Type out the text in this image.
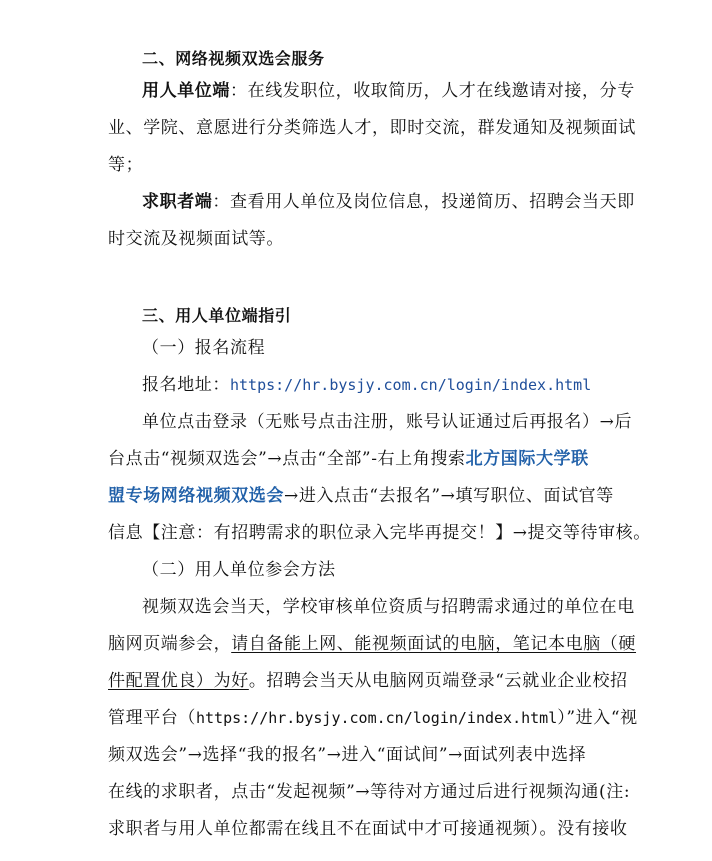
二、网络视频双选会服务
用人单位端：在线发职位，收取简历，人才在线邀请对接，分专
业、学院、意愿进行分类筛选人才，即时交流，群发通知及视频面试
等；
求职者端：查看用人单位及岗位信息，投递简历、招聘会当天即
时交流及视频面试等。
三、用人单位端指引
（一）报名流程
报名地址：https://hr.bysjy.com.cn/login/index.html
单位点击登录（无账号点击注册，账号认证通过后再报名）→后
台点击“视频双选会”→点击“全部”-右上角搜索北方国际大学联
盟专场网络视频双选会→进入点击“去报名”→填写职位、面试官等
信息【注意：有招聘需求的职位录入完毕再提交！】→提交等待审核。
（二）用人单位参会方法
视频双选会当天，学校审核单位资质与招聘需求通过的单位在电
脑网页端参会，请自备能上网、能视频面试的电脑，笔记本电脑（硬
件配置优良）为好。招聘会当天从电脑网页端登录“云就业企业校招
管理平台（https://hr.bysjy.com.cn/login/index.html）”进入“视
频双选会”→选择“我的报名”→进入“面试间”→面试列表中选择
在线的求职者，点击“发起视频”→等待对方通过后进行视频沟通(注:
求职者与用人单位都需在线且不在面试中才可接通视频）。没有接收
